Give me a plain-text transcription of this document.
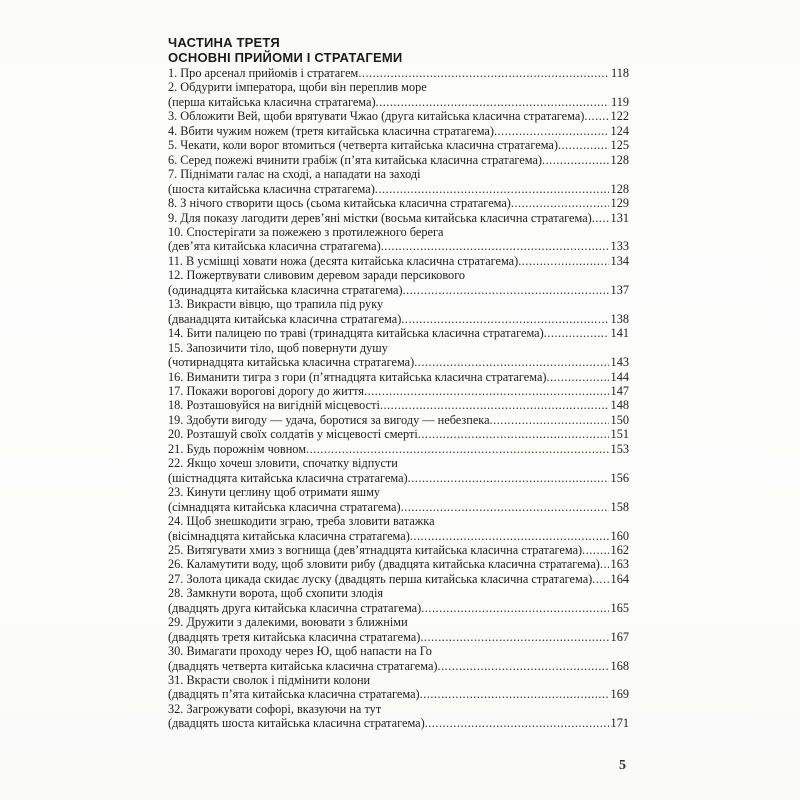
ЧАСТИНА ТРЕТЯ
ОСНОВНІ ПРИЙОМИ І СТРАТАГЕМИ
1. Про арсенал прийомів і стратагем .....	118
2. Обдурити імператора, щоби він переплив море
(перша китайська класична стратагема) .....	119
3. Обложити Вей, щоби врятувати Чжао (друга китайська класична стратагема) ..... 122
4. Вбити чужим ножем (третя китайська класична стратагема) .....	124
5. Чекати, коли ворог втомиться (четверта китайська класична стратагема) .....	125
6. Серед пожежі вчинити грабіж (п’ята китайська класична стратагема) .....	128
7. Піднімати галас на сході, а нападати на заході
(шоста китайська класична стратагема) .....	128
8. З нічого створити щось (сьома китайська класична стратагема) .....	129
9. Для показу лагодити дерев’яні містки (восьма китайська класична стратагема) ..... 131
10. Спостерігати за пожежею з протилежного берега
(дев’ята китайська класична стратагема) .....	133
11. В усмішці ховати ножа (десята китайська класична стратагема) .....	134
12. Пожертвувати сливовим деревом заради персикового
(одинадцята китайська класична стратагема) .....	137
13. Викрасти вівцю, що трапила під руку
(дванадцята китайська класична стратагема) .....	138
14. Бити палицею по траві (тринадцята китайська класична стратагема) .....	141
15. Запозичити тіло, щоб повернути душу
(чотирнадцята китайська класична стратагема) .....	143
16. Виманити тигра з гори (п’ятнадцята китайська класична стратагема) .....	144
17. Покажи ворогові дорогу до життя .....	147
18. Розташовуйся на вигідній місцевості .....	148
19. Здобути вигоду — удача, боротися за вигоду — небезпека .....	150
20. Розташуй своїх солдатів у місцевості смерті .....	151
21. Будь порожнім човном .....	153
22. Якщо хочеш зловити, спочатку відпусти
(шістнадцята китайська класична стратагема) .....	156
23. Кинути цеглину щоб отримати яшму
(сімнадцята китайська класична стратагема) .....	158
24. Щоб знешкодити зграю, треба зловити ватажка
(вісімнадцята китайська класична стратагема) .....	160
25. Витягувати хмиз з вогнища (дев’ятнадцята китайська класична стратагема) ..... 162
26. Каламутити воду, щоб зловити рибу (двадцята китайська класична стратагема) ..... 163
27. Золота цикада скидає луску (двадцять перша китайська класична стратагема) ..... 164
28. Замкнути ворота, щоб схопити злодія
(двадцять друга китайська класична стратагема) .....	165
29. Дружити з далекими, воювати з ближніми
(двадцять третя китайська класична стратагема) .....	167
30. Вимагати проходу через Ю, щоб напасти на Го
(двадцять четверта китайська класична стратагема) .....	168
31. Вкрасти сволок і підмінити колони
(двадцять п’ята китайська класична стратагема) .....	169
32. Загрожувати софорі, вказуючи на тут
(двадцять шоста китайська класична стратагема) .....	171
5
